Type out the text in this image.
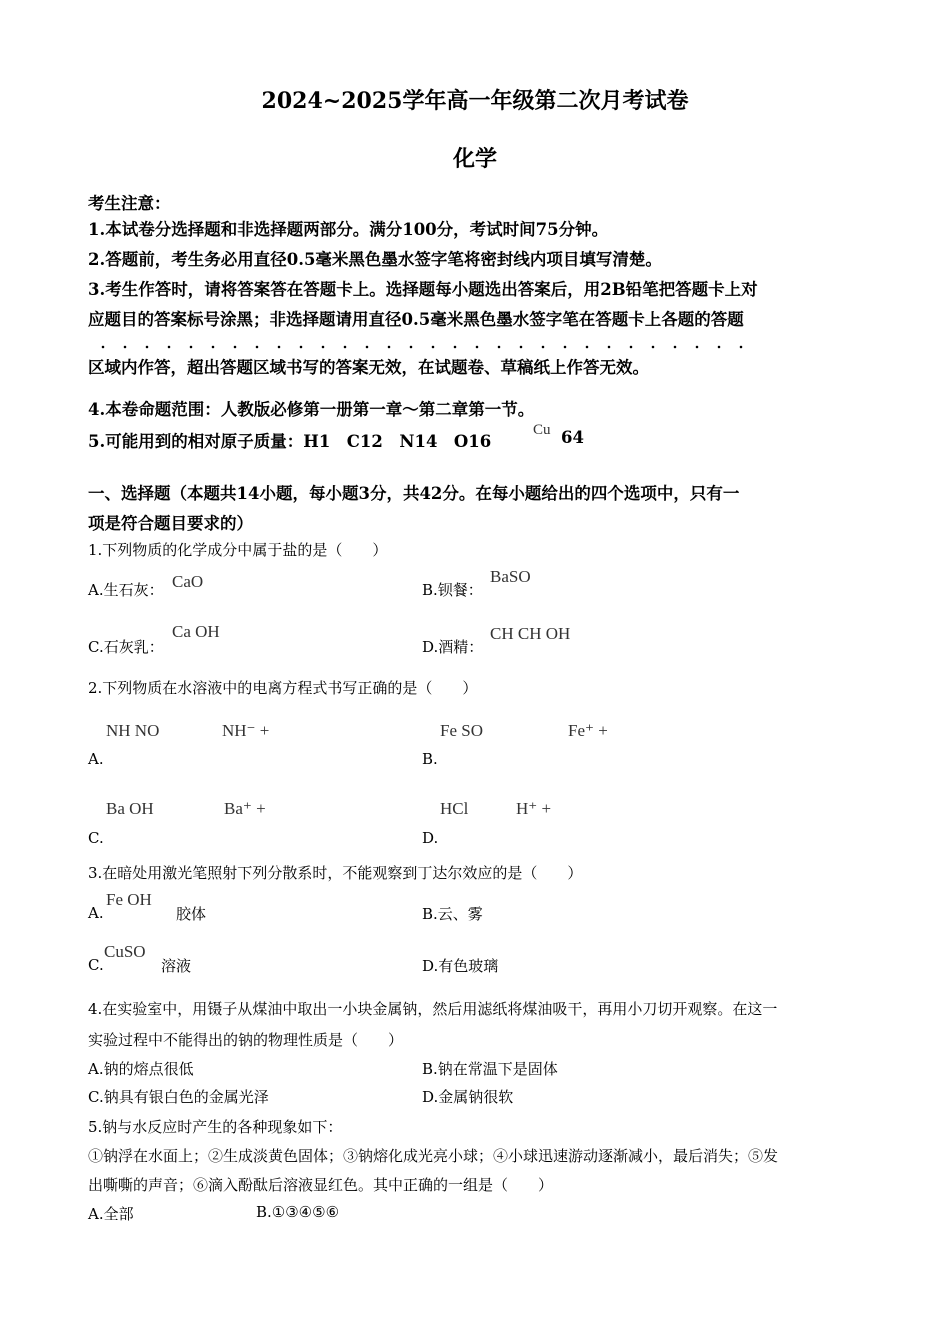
2024~2025学年高一年级第二次月考试卷
化学
考生注意：
1.本试卷分选择题和非选择题两部分。满分100分，考试时间75分钟。
2.答题前，考生务必用直径0.5毫米黑色墨水签字笔将密封线内项目填写清楚。
3.考生作答时，请将答案答在答题卡上。选择题每小题选出答案后，用2B铅笔把答题卡上对
应题目的答案标号涂黑；非选择题请用直径0.5毫米黑色墨水签字笔在答题卡上各题的答题
区域内作答，超出答题区域书写的答案无效，在试题卷、草稿纸上作答无效。
4.本卷命题范围：人教版必修第一册第一章～第二章第一节。
5.可能用到的相对原子质量：H1　C12　N14　O16
Cu 64
一、选择题（本题共14小题，每小题3分，共42分。在每小题给出的四个选项中，只有一
项是符合题目要求的）
1.下列物质的化学成分中属于盐的是（　　）
A.生石灰： CaO	B.钡餐：
BaSO
C.石灰乳：
Ca OH
D.酒精：
CH CH OH
2.下列物质在水溶液中的电离方程式书写正确的是（　　）
NH NO	NH⁻ +
A.
Fe SO	Fe⁺ +
B.
Ba OH	Ba⁺ +
C.
HCl	H⁺ +
D.
3.在暗处用激光笔照射下列分散系时，不能观察到丁达尔效应的是（　　）
A.
Fe OH
胶体	B.云、雾
C.
CuSO
溶液	D.有色玻璃
4.在实验室中，用镊子从煤油中取出一小块金属钠，然后用滤纸将煤油吸干，再用小刀切开观察。在这一
实验过程中不能得出的钠的物理性质是（　　）
A.钠的熔点很低	B.钠在常温下是固体
C.钠具有银白色的金属光泽	D.金属钠很软
5.钠与水反应时产生的各种现象如下：
①钠浮在水面上；②生成淡黄色固体；③钠熔化成光亮小球；④小球迅速游动逐渐减小，最后消失；⑤发
出嘶嘶的声音；⑥滴入酚酞后溶液显红色。其中正确的一组是（　　）
A.全部	B.①③④⑤⑥
